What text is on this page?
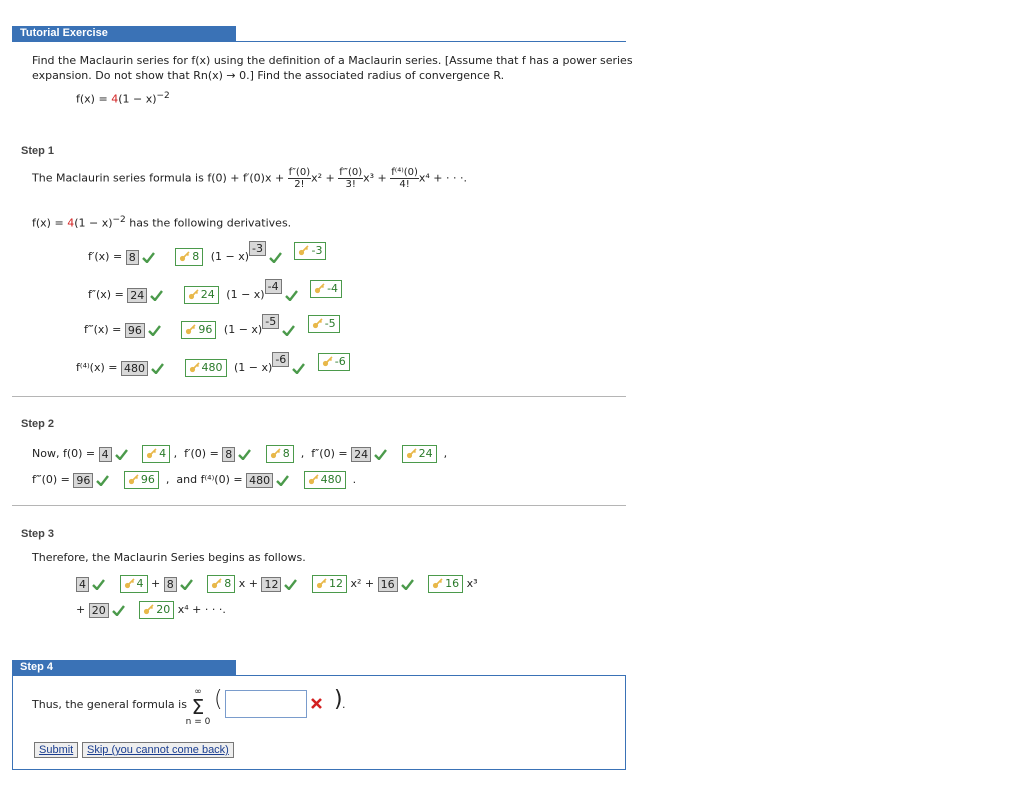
Tutorial Exercise
Find the Maclaurin series for f(x) using the definition of a Maclaurin series. [Assume that f has a power series
expansion. Do not show that Rn(x) → 0.] Find the associated radius of convergence R.
$f(x) = 4(1 - x)^{-2}$
Step 1
The Maclaurin series formula is $f(0) + f'(0)x + \frac{f''(0)}{2!} x^2 + \frac{f‴(0)}{3!} x^3 + \frac{\text{f⁽⁴⁾(0)}}{4!} x^4$ + · · ·.
$f(x) = 4(1 - x)^{-2}$ has the following derivatives.
f′(x) = 8	8 (1 − x)-3	-3
f″(x) = 24	24 (1 − x)-4	-4
f‴(x) = 96	96 (1 − x)-5	-5
f⁽⁴⁾(x) = 480	480 (1 − x)-6	-6
Step 2
Now, f(0) = 4	4 , f′(0) = 8	8 , f″(0) = 24	24 ,
f‴(0) = 96	96 , and f⁽⁴⁾(0) = 480	480 .
Step 3
Therefore, the Maclaurin Series begins as follows.
4	4 + 8	8 x + 12	12 x² + 16	16 x³
+ 20	20 x⁴ + · · ·.
Step 4
Thus, the general formula is
∞
Σ
n = 0
(	) .
Submit	Skip (you cannot come back)
